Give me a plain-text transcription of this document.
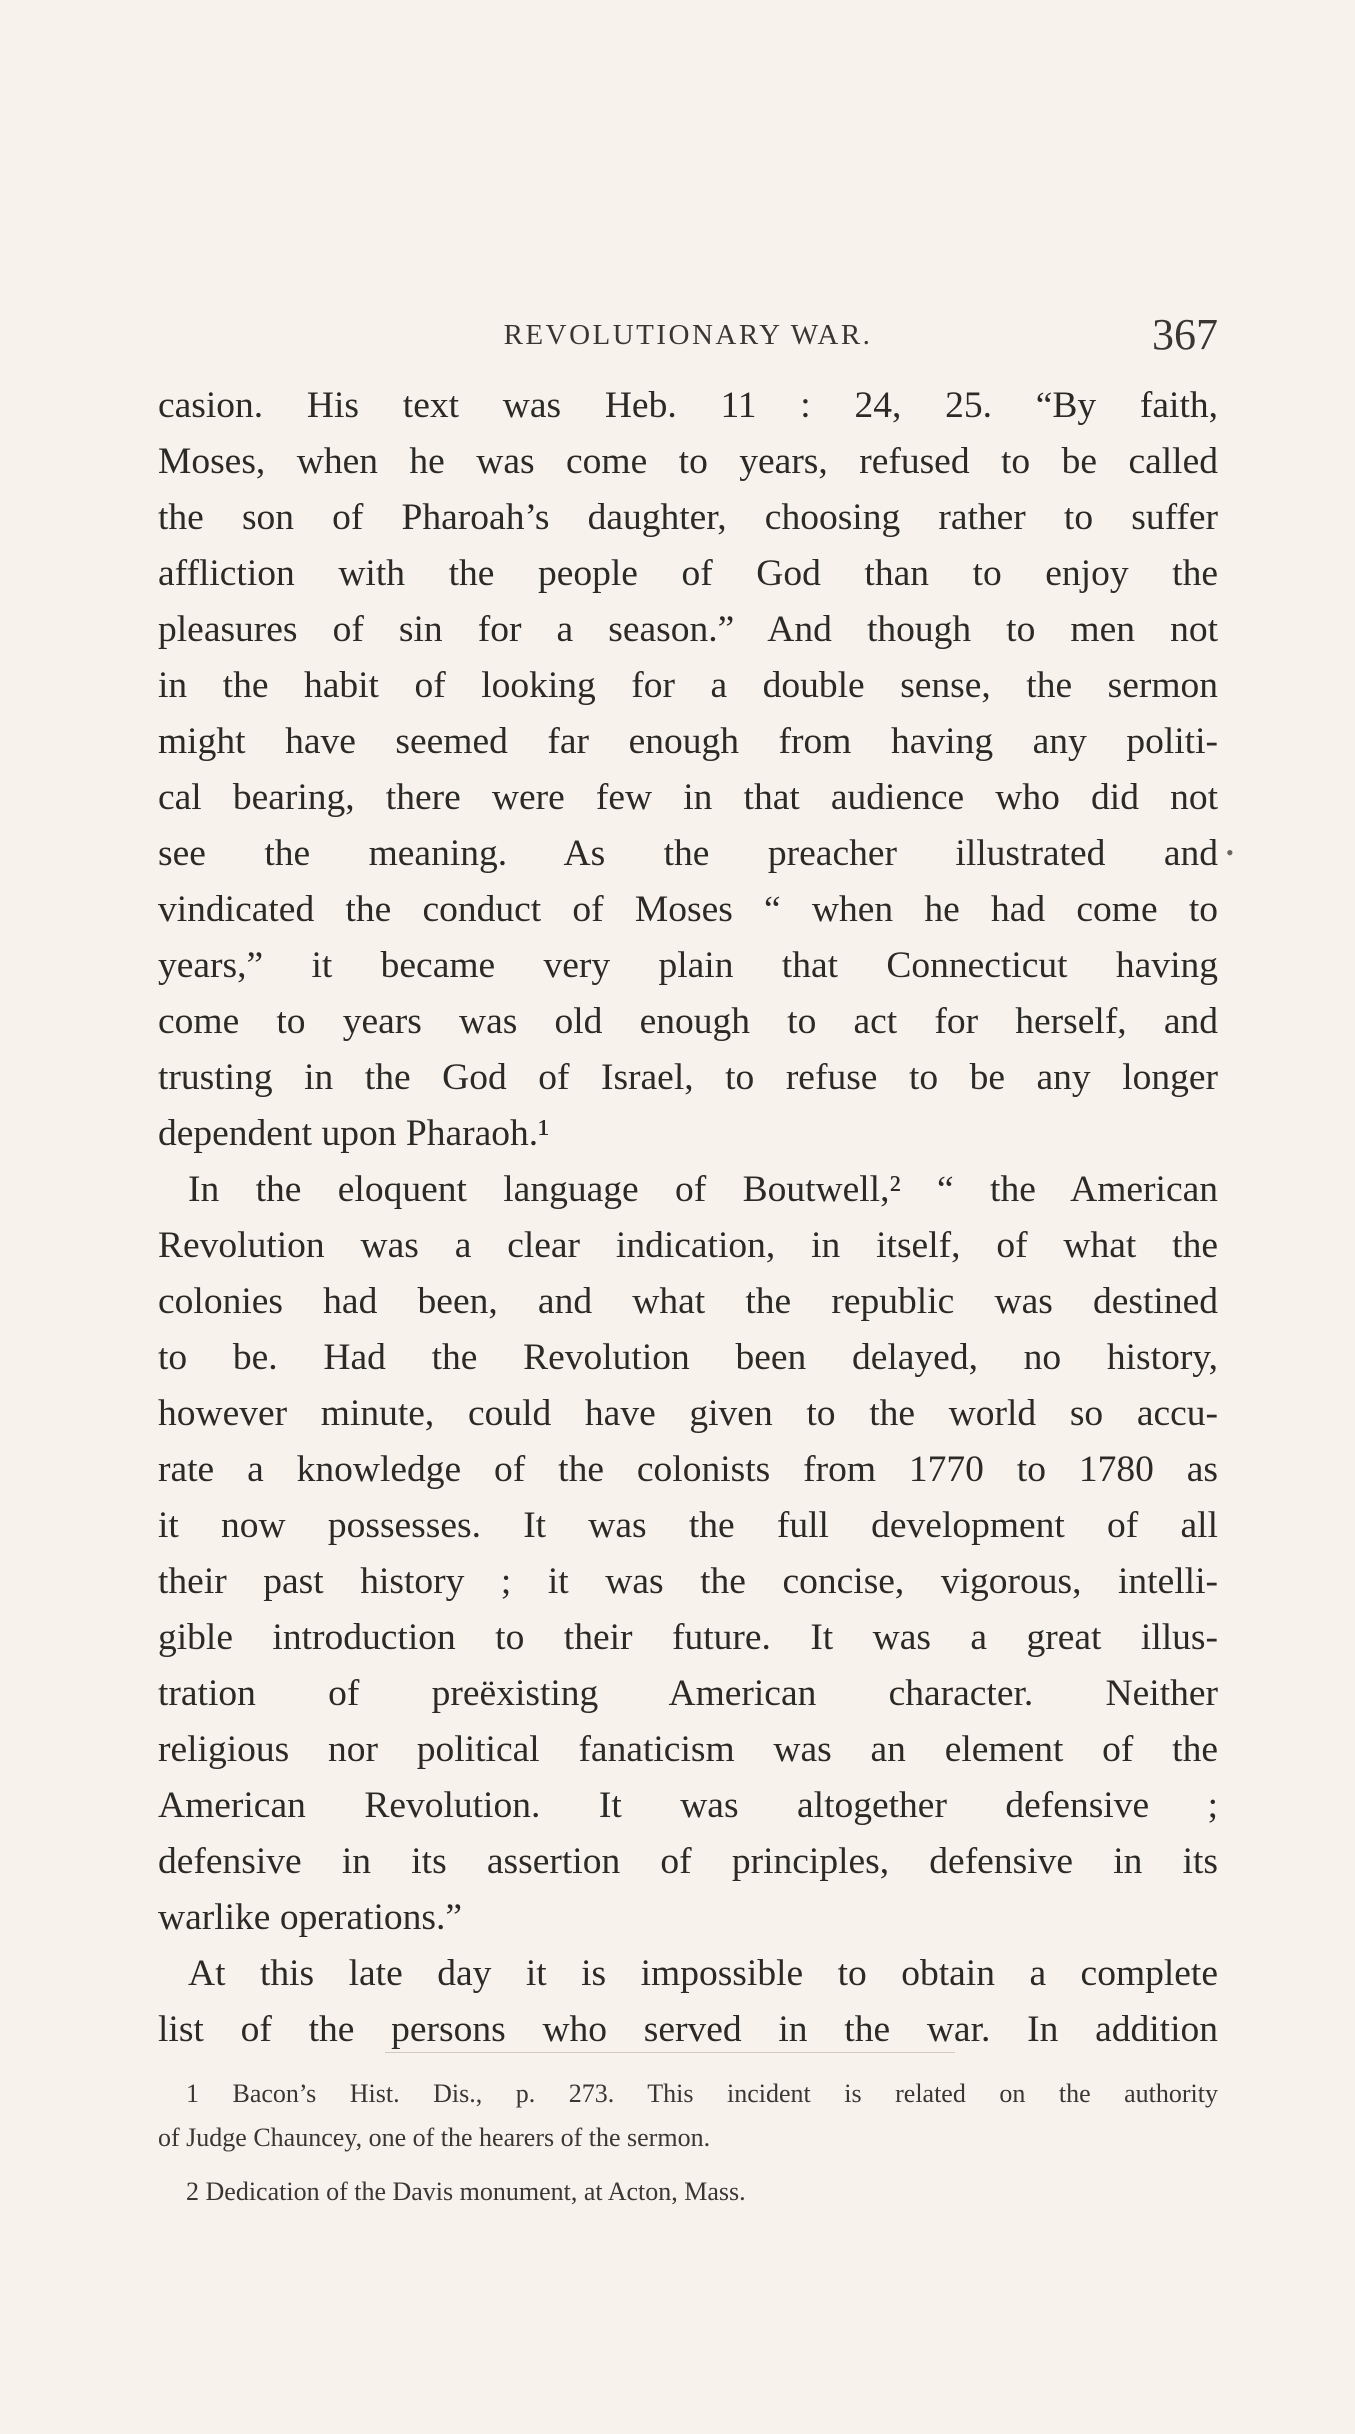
REVOLUTIONARY WAR.	367
•
casion. His text was Heb. 11 : 24, 25. “By faith,
Moses, when he was come to years, refused to be called
the son of Pharoah’s daughter, choosing rather to suffer
affliction with the people of God than to enjoy the
pleasures of sin for a season.” And though to men not
in the habit of looking for a double sense, the sermon
might have seemed far enough from having any politi-
cal bearing, there were few in that audience who did not
see the meaning. As the preacher illustrated and
vindicated the conduct of Moses “ when he had come to
years,” it became very plain that Connecticut having
come to years was old enough to act for herself, and
trusting in the God of Israel, to refuse to be any longer
dependent upon Pharaoh.¹
In the eloquent language of Boutwell,² “ the American
Revolution was a clear indication, in itself, of what the
colonies had been, and what the republic was destined
to be. Had the Revolution been delayed, no history,
however minute, could have given to the world so accu-
rate a knowledge of the colonists from 1770 to 1780 as
it now possesses. It was the full development of all
their past history ; it was the concise, vigorous, intelli-
gible introduction to their future. It was a great illus-
tration of preëxisting American character. Neither
religious nor political fanaticism was an element of the
American Revolution. It was altogether defensive ;
defensive in its assertion of principles, defensive in its
warlike operations.”
At this late day it is impossible to obtain a complete
list of the persons who served in the war. In addition
1 Bacon’s Hist. Dis., p. 273. This incident is related on the authority
of Judge Chauncey, one of the hearers of the sermon.
2 Dedication of the Davis monument, at Acton, Mass.
